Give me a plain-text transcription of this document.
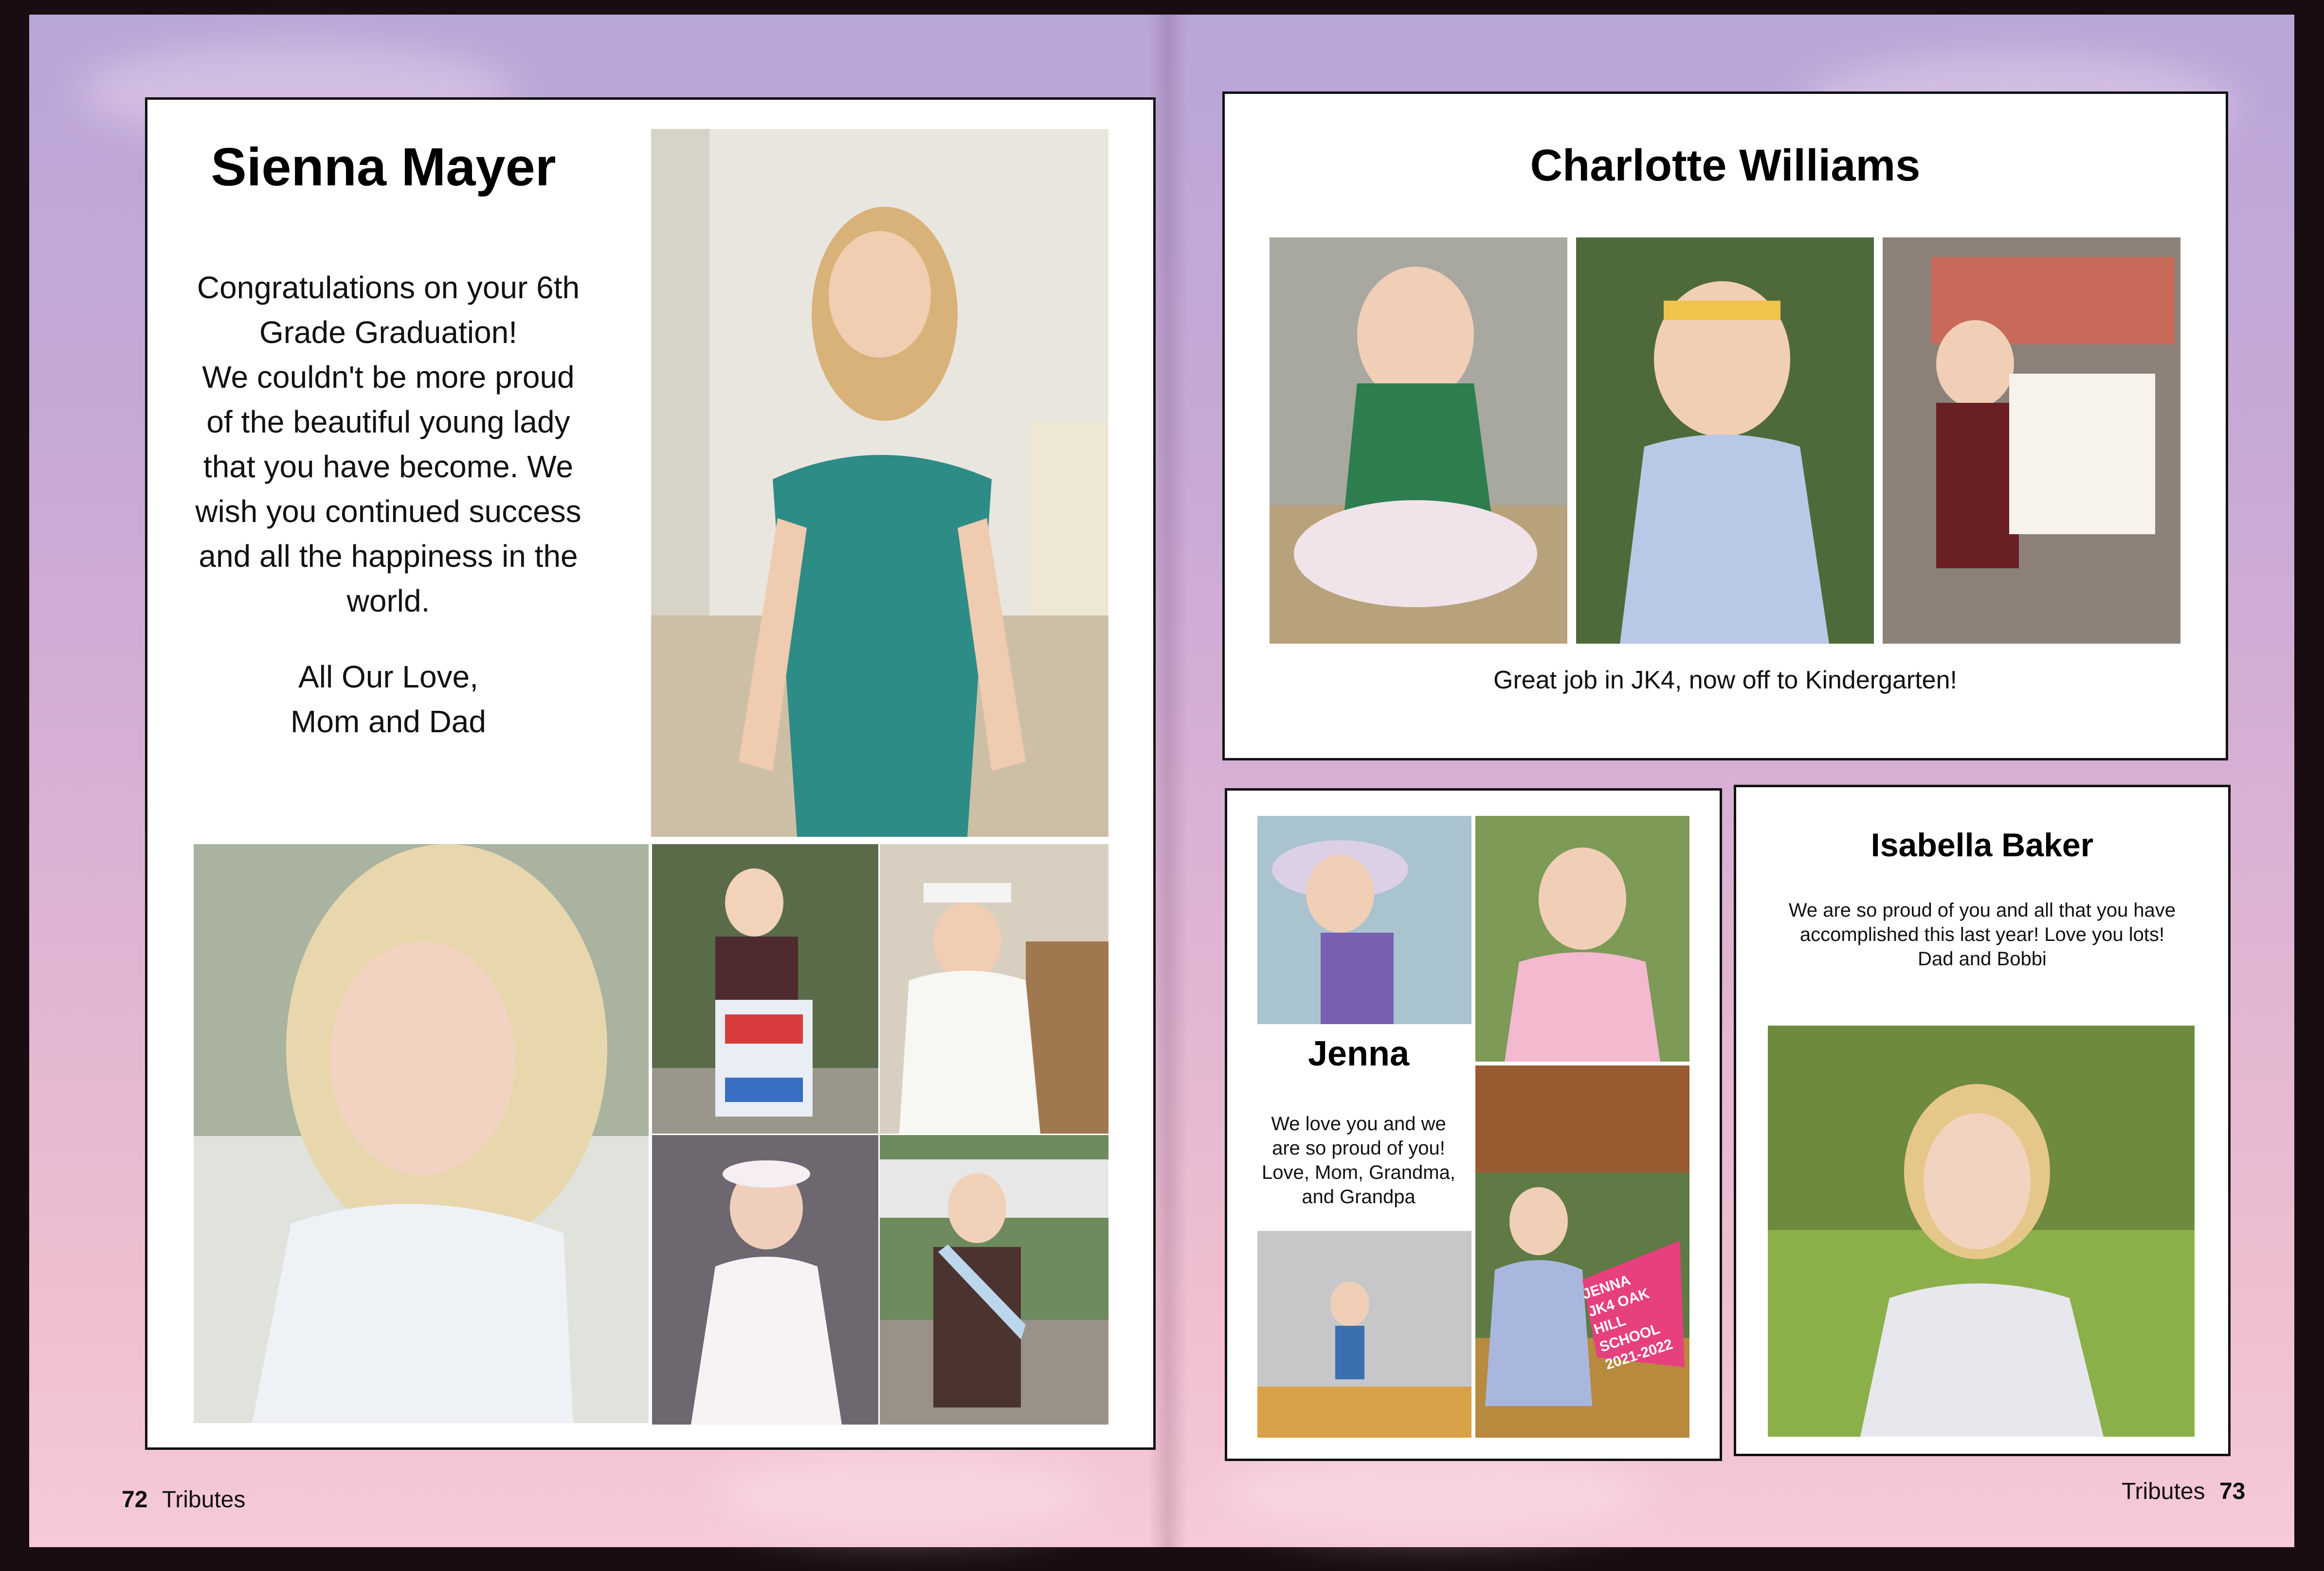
Sienna Mayer
Congratulations on your 6th
Grade Graduation!
We couldn't be more proud
of the beautiful young lady
that you have become. We
wish you continued success
and all the happiness in the
world.
All Our Love,
Mom and Dad
72 Tributes
Charlotte Williams
Great job in JK4, now off to Kindergarten!
Jenna
We love you and we
are so proud of you!
Love, Mom, Grandma,
and Grandpa
JENNA
JK4 OAK HILL SCHOOL
2021-2022
Isabella Baker
We are so proud of you and all that you have
accomplished this last year! Love you lots!
Dad and Bobbi
Tributes 73
